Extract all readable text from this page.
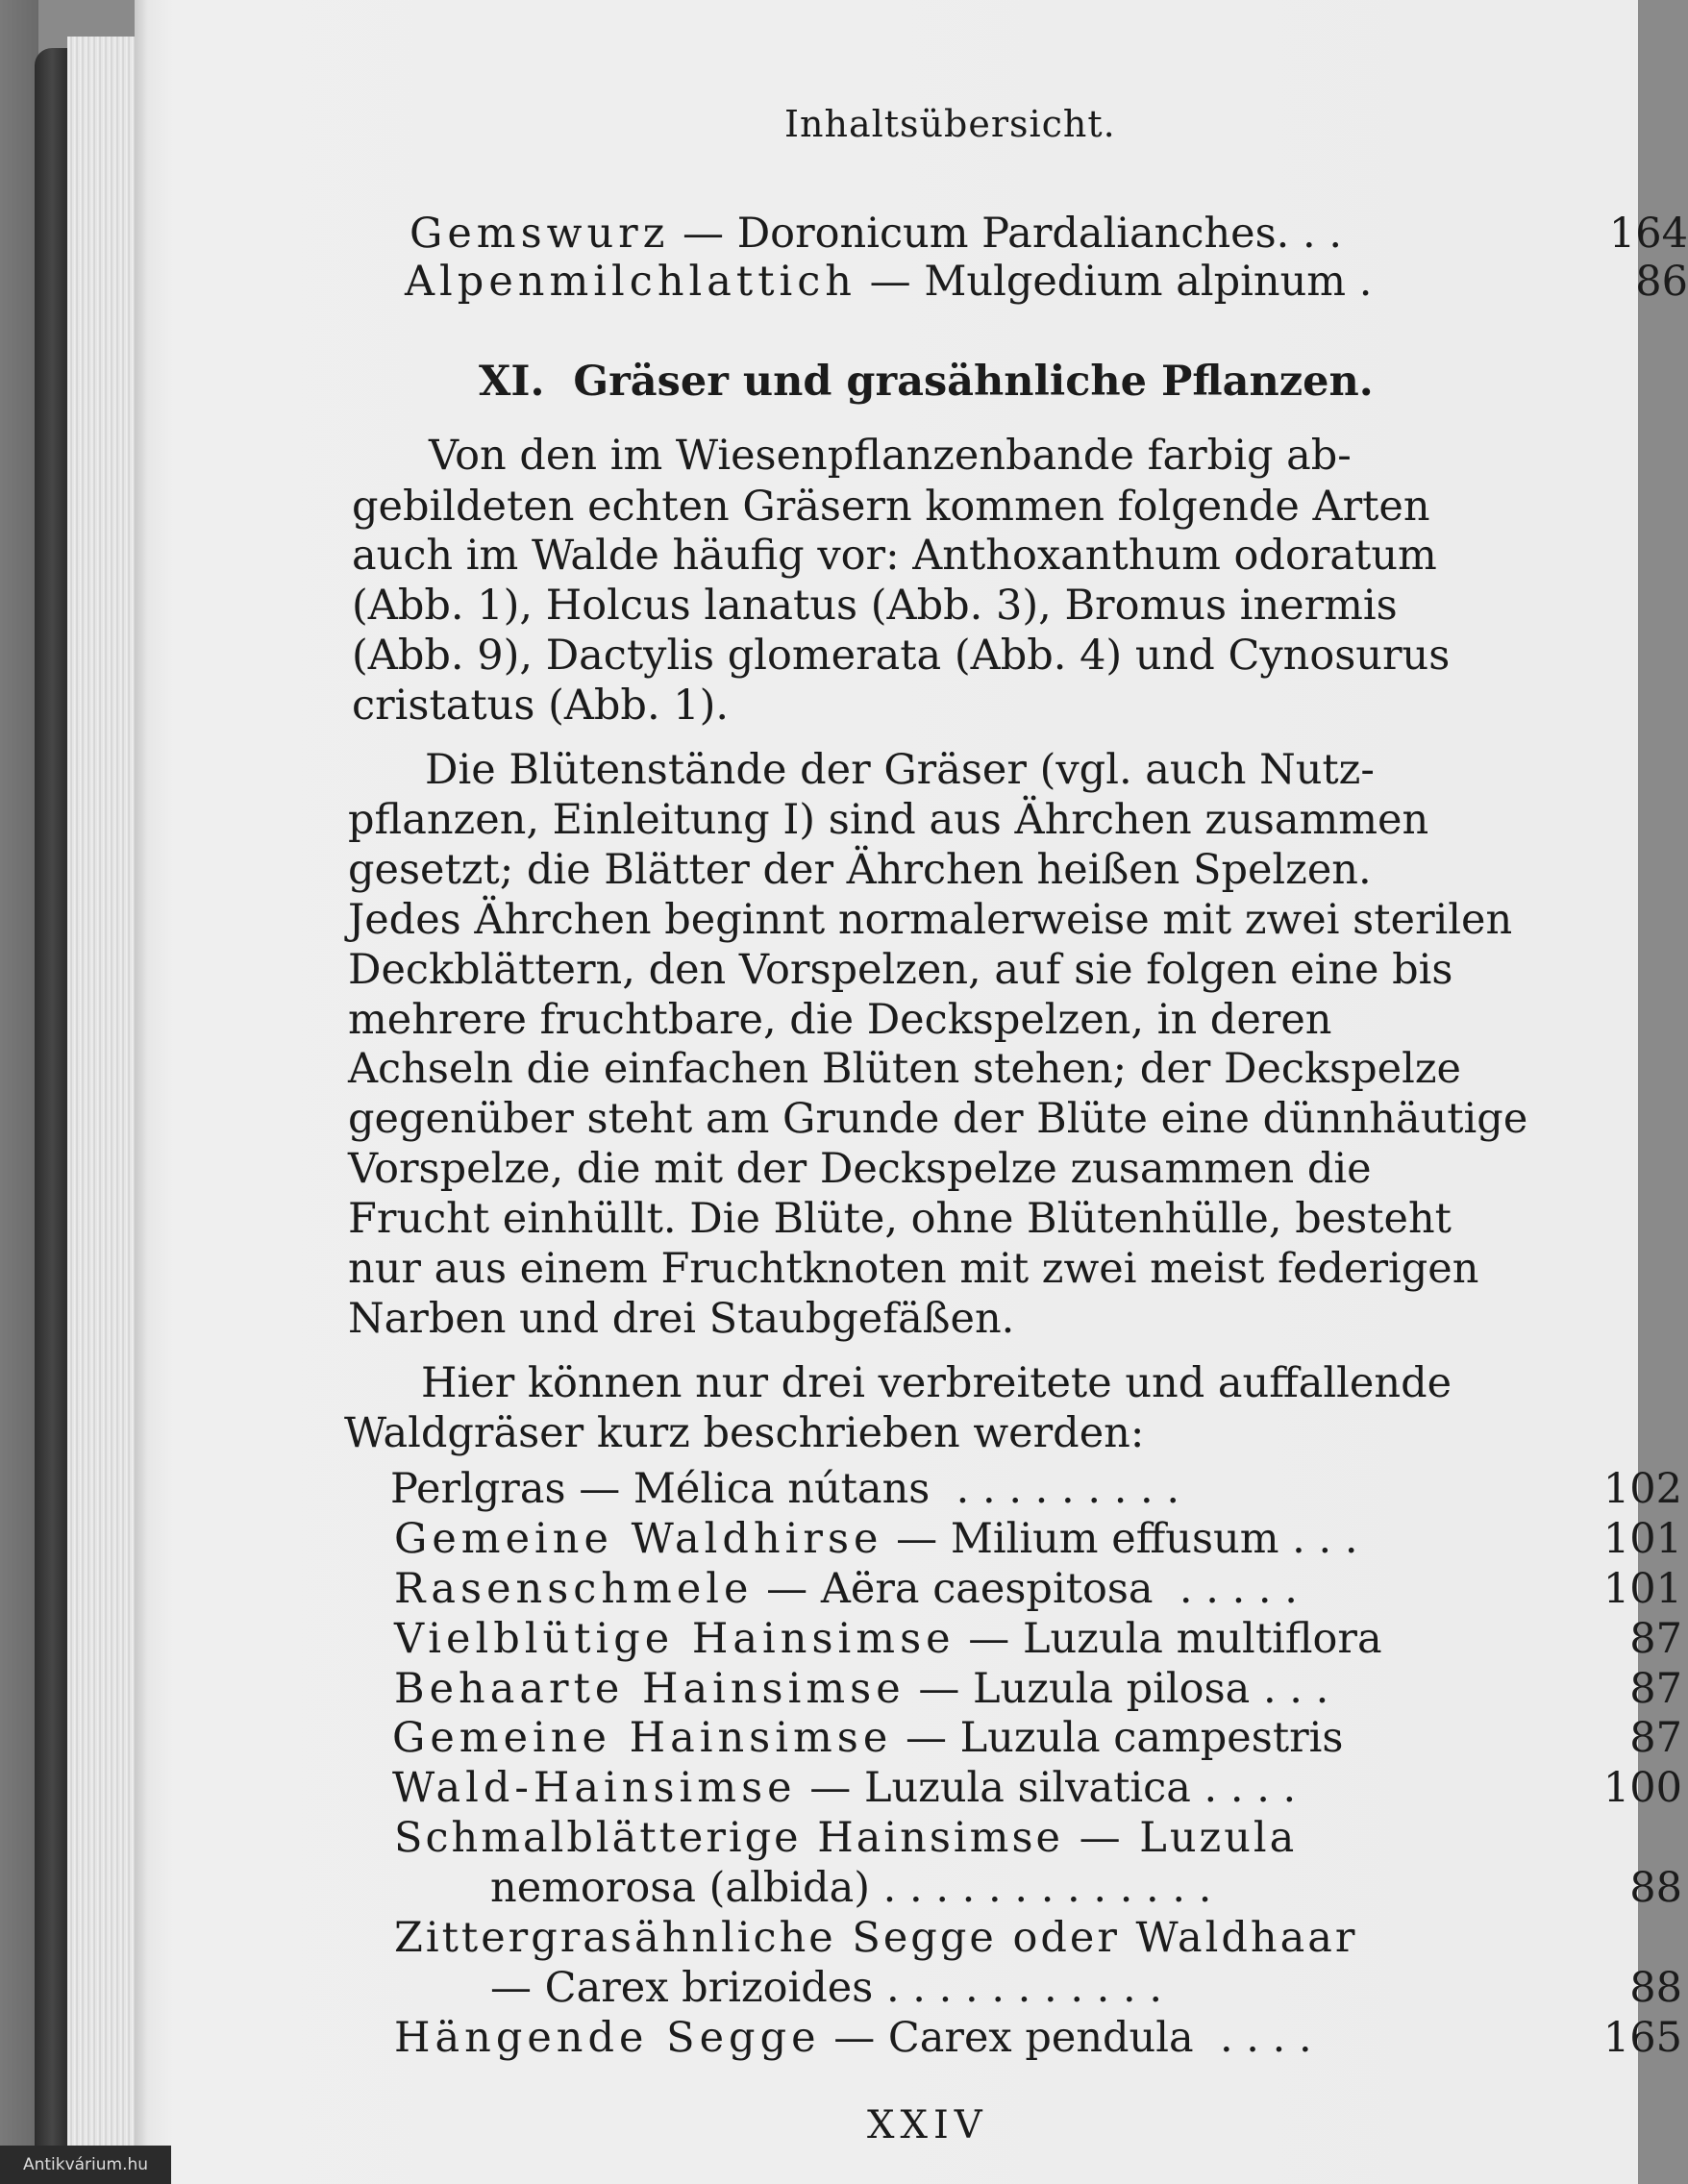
Inhaltsübersicht.
Gemswurz — Doronicum Pardalianches. . .	164
Alpenmilchlattich — Mulgedium alpinum .	86
XI.  Gräser und grasähnliche Pflanzen.
Von den im Wiesenpflanzenbande farbig ab-
gebildeten echten Gräsern kommen folgende Arten
auch im Walde häufig vor: Anthoxanthum odoratum
(Abb. 1), Holcus lanatus (Abb. 3), Bromus inermis
(Abb. 9), Dactylis glomerata (Abb. 4) und Cynosurus
cristatus (Abb. 1).
Die Blütenstände der Gräser (vgl. auch Nutz-
pflanzen, Einleitung I) sind aus Ährchen zusammen
gesetzt; die Blätter der Ährchen heißen Spelzen.
Jedes Ährchen beginnt normalerweise mit zwei sterilen
Deckblättern, den Vorspelzen, auf sie folgen eine bis
mehrere fruchtbare, die Deckspelzen, in deren
Achseln die einfachen Blüten stehen; der Deckspelze
gegenüber steht am Grunde der Blüte eine dünnhäutige
Vorspelze, die mit der Deckspelze zusammen die
Frucht einhüllt. Die Blüte, ohne Blütenhülle, besteht
nur aus einem Fruchtknoten mit zwei meist federigen
Narben und drei Staubgefäßen.
Hier können nur drei verbreitete und auffallende
Waldgräser kurz beschrieben werden:
Perlgras — Mélica nútans . . . . . . . . .	102
Gemeine Waldhirse — Milium effusum . . .	101
Rasenschmele — Aëra caespitosa . . . . .	101
Vielblütige Hainsimse — Luzula multiflora	87
Behaarte Hainsimse — Luzula pilosa . . .	87
Gemeine Hainsimse — Luzula campestris	87
Wald-Hainsimse — Luzula silvatica . . . .	100
Schmalblätterige Hainsimse — Luzula
nemorosa (albida) . . . . . . . . . . . . .	88
Zittergrasähnliche Segge oder Waldhaar
— Carex brizoides . . . . . . . . . . .	88
Hängende Segge — Carex pendula . . . .	165
XXIV
Antikvárium.hu
